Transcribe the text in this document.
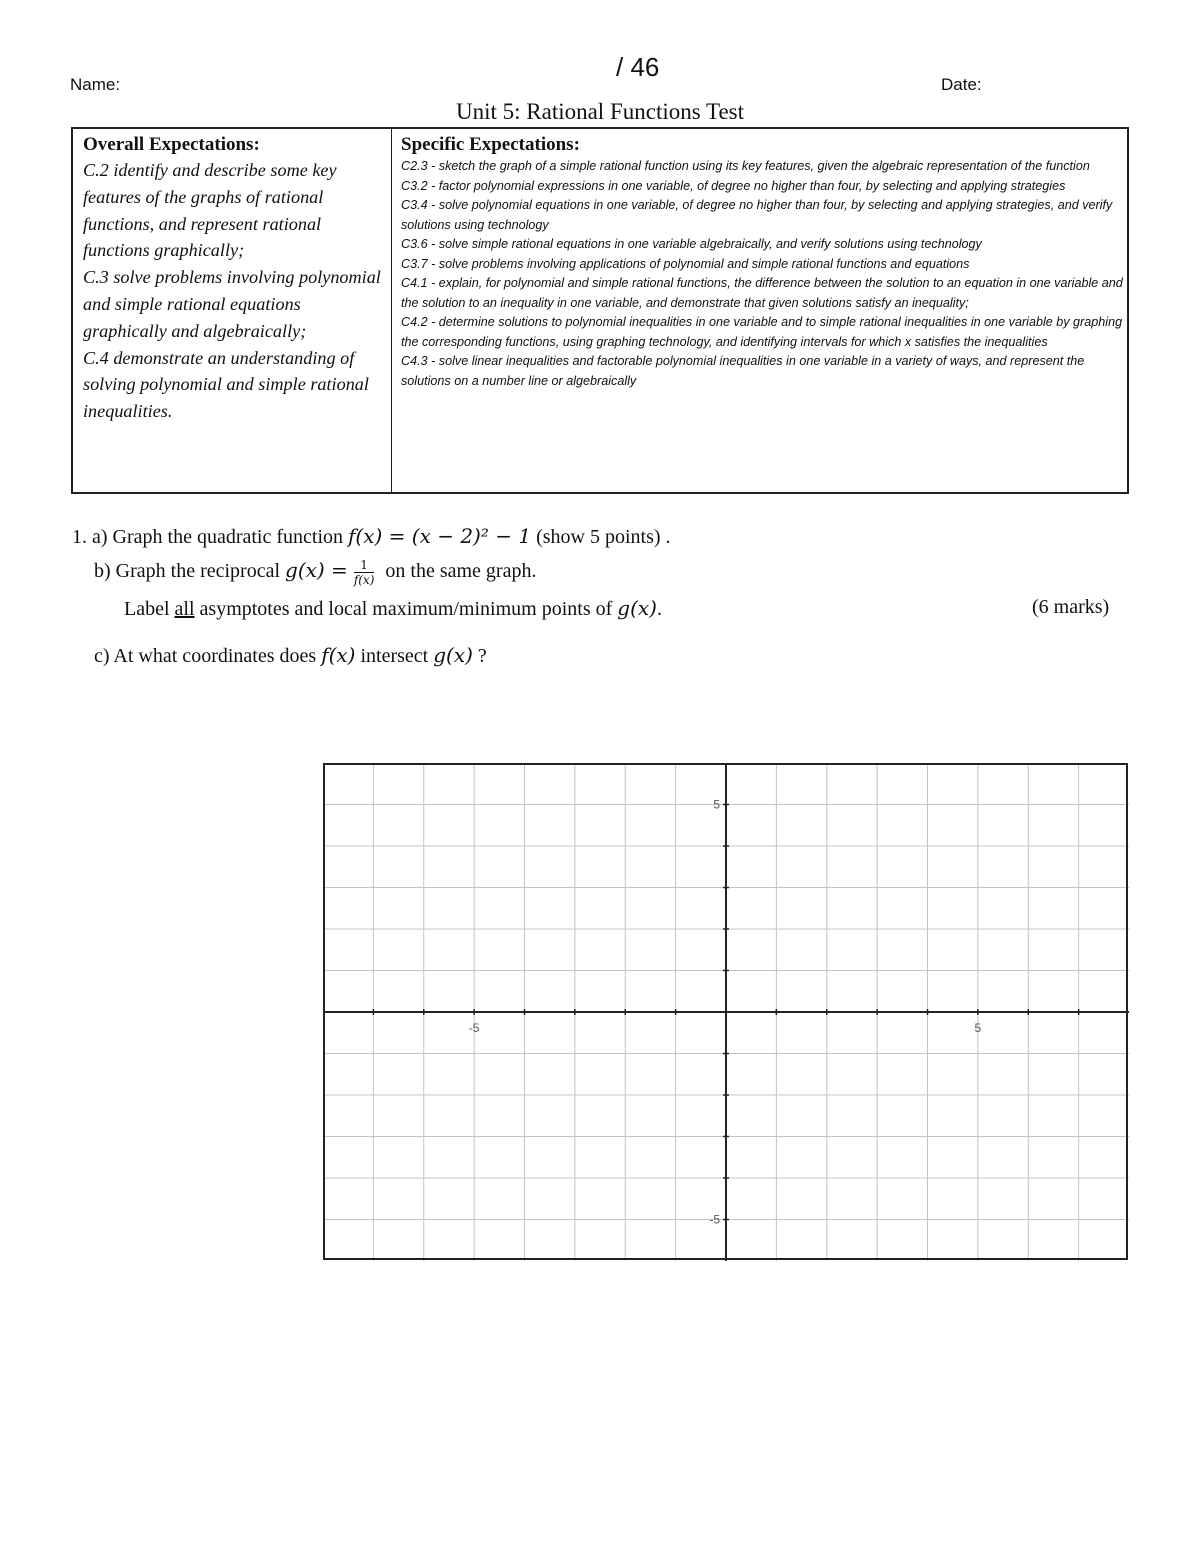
Name:
/ 46
Date:
Unit 5: Rational Functions Test
Overall Expectations:
C.2 identify and describe some key features of the graphs of rational functions, and represent rational functions graphically;
C.3 solve problems involving polynomial and simple rational equations graphically and algebraically;
C.4 demonstrate an understanding of solving polynomial and simple rational inequalities.
Specific Expectations:
C2.3 - sketch the graph of a simple rational function using its key features, given the algebraic representation of the function
C3.2 - factor polynomial expressions in one variable, of degree no higher than four, by selecting and applying strategies
C3.4 - solve polynomial equations in one variable, of degree no higher than four, by selecting and applying strategies, and verify solutions using technology
C3.6 - solve simple rational equations in one variable algebraically, and verify solutions using technology
C3.7 - solve problems involving applications of polynomial and simple rational functions and equations
C4.1 - explain, for polynomial and simple rational functions, the difference between the solution to an equation in one variable and the solution to an inequality in one variable, and demonstrate that given solutions satisfy an inequality;
C4.2 - determine solutions to polynomial inequalities in one variable and to simple rational inequalities in one variable by graphing the corresponding functions, using graphing technology, and identifying intervals for which x satisfies the inequalities
C4.3 - solve linear inequalities and factorable polynomial inequalities in one variable in a variety of ways, and represent the solutions on a number line or algebraically
1. a) Graph the quadratic function f(x) = (x − 2)² − 1 (show 5 points) .
b) Graph the reciprocal $g(x) = \frac{1}{f(x)}$ on the same graph.
Label all asymptotes and local maximum/minimum points of g(x).	(6 marks)
c) At what coordinates does f(x) intersect g(x) ?
-5	5
5
-5
